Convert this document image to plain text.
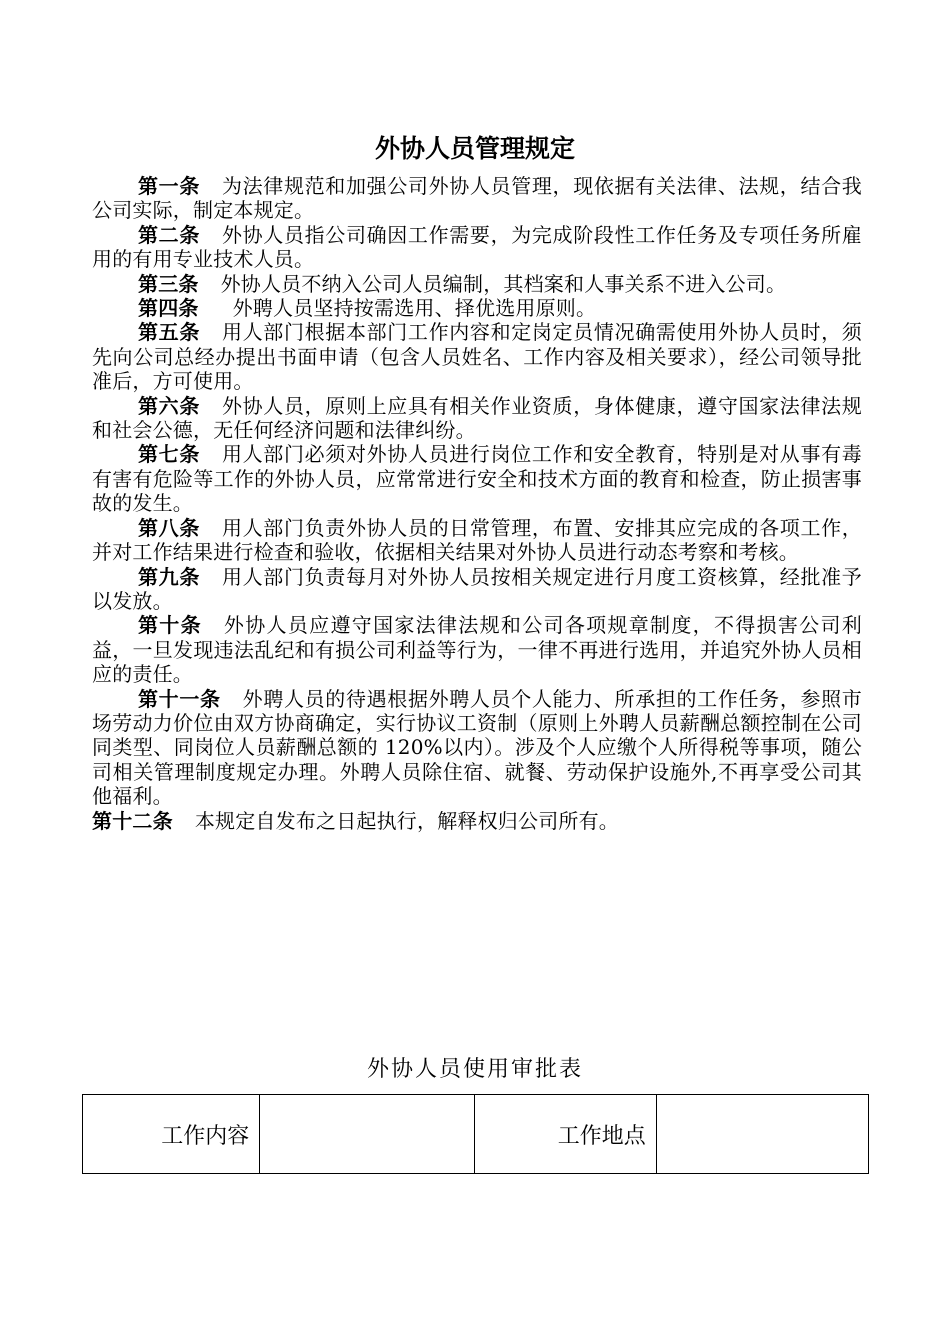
外协人员管理规定

第一条 为法律规范和加强公司外协人员管理，现依据有关法律、法规，结合我公司实际，制定本规定。

第二条 外协人员指公司确因工作需要，为完成阶段性工作任务及专项任务所雇用的有用专业技术人员。

第三条 外协人员不纳入公司人员编制，其档案和人事关系不进入公司。

第四条 外聘人员坚持按需选用、择优选用原则。

第五条 用人部门根据本部门工作内容和定岗定员情况确需使用外协人员时，须先向公司总经办提出书面申请（包含人员姓名、工作内容及相关要求），经公司领导批准后，方可使用。

第六条 外协人员，原则上应具有相关作业资质，身体健康，遵守国家法律法规和社会公德，无任何经济问题和法律纠纷。

第七条 用人部门必须对外协人员进行岗位工作和安全教育，特别是对从事有毒有害有危险等工作的外协人员，应常常进行安全和技术方面的教育和检查，防止损害事故的发生。

第八条 用人部门负责外协人员的日常管理，布置、安排其应完成的各项工作，并对工作结果进行检查和验收，依据相关结果对外协人员进行动态考察和考核。

第九条 用人部门负责每月对外协人员按相关规定进行月度工资核算，经批准予以发放。

第十条 外协人员应遵守国家法律法规和公司各项规章制度，不得损害公司利益，一旦发现违法乱纪和有损公司利益等行为，一律不再进行选用，并追究外协人员相应的责任。

第十一条 外聘人员的待遇根据外聘人员个人能力、所承担的工作任务，参照市场劳动力价位由双方协商确定，实行协议工资制（原则上外聘人员薪酬总额控制在公司同类型、同岗位人员薪酬总额的 120%以内）。涉及个人应缴个人所得税等事项，随公司相关管理制度规定办理。外聘人员除住宿、就餐、劳动保护设施外,不再享受公司其他福利。

第十二条 本规定自发布之日起执行，解释权归公司所有。

外协人员使用审批表
工作内容		工作地点	
